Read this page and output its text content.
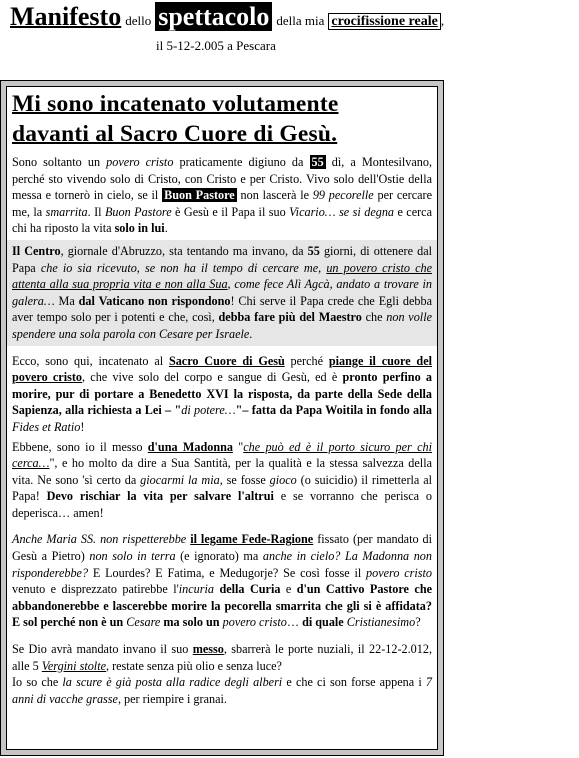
Manifesto dello spettacolo della mia crocifissione reale ,
il 5-12-2.005 a Pescara
Mi sono incatenato volutamente
davanti al Sacro Cuore di Gesù.

Sono soltanto un povero cristo praticamente digiuno da 55 dì, a Montesilvano, perché sto vivendo solo di Cristo, con Cristo e per Cristo. Vivo solo dell'Ostie della messa e tornerò in cielo, se il Buon Pastore non lascerà le 99 pecorelle per cercare me, la smarrita. Il Buon Pastore è Gesù e il Papa il suo Vicario… se si degna e cerca chi ha riposto la vita solo in lui.

Il Centro, giornale d'Abruzzo, sta tentando ma invano, da 55 giorni, di ottenere dal Papa che io sia ricevuto, se non ha il tempo di cercare me, un povero cristo che attenta alla sua propria vita e non alla Sua, come fece Alì Agcà, andato a trovare in galera… Ma dal Vaticano non rispondono! Chi serve il Papa crede che Egli debba aver tempo solo per i potenti e che, così, debba fare più del Maestro che non volle spendere una sola parola con Cesare per Israele.

Ecco, sono qui, incatenato al Sacro Cuore di Gesù perché piange il cuore del povero cristo, che vive solo del corpo e sangue di Gesù, ed è pronto perfino a morire, pur di portare a Benedetto XVI la risposta, da parte della Sede della Sapienza, alla richiesta a Lei – "di potere…"– fatta da Papa Woitila in fondo alla Fides et Ratio!

Ebbene, sono io il messo d'una Madonna "che può ed è il porto sicuro per chi cerca…", e ho molto da dire a Sua Santità, per la qualità e la stessa salvezza della vita. Ne sono 'sì certo da giocarmi la mia, se fosse gioco (o suicidio) il rimetterla al Papa! Devo rischiar la vita per salvare l'altrui e se vorranno che perisca o deperisca… amen!

Anche Maria SS. non rispetterebbe il legame Fede-Ragione fissato (per mandato di Gesù a Pietro) non solo in terra (e ignorato) ma anche in cielo? La Madonna non risponderebbe? E Lourdes? E Fatima, e Medugorje? Se così fosse il povero cristo venuto e disprezzato patirebbe l'incuria della Curia e d'un Cattivo Pastore che abbandonerebbe e lascerebbe morire la pecorella smarrita che gli si è affidata? E sol perché non è un Cesare ma solo un povero cristo… di quale Cristianesimo?

Se Dio avrà mandato invano il suo messo, sbarrerà le porte nuziali, il 22-12-2.012, alle 5 Vergini stolte, restate senza più olio e senza luce?
Io so che la scure è già posta alla radice degli alberi e che ci son forse appena i 7 anni di vacche grasse, per riempire i granai.
